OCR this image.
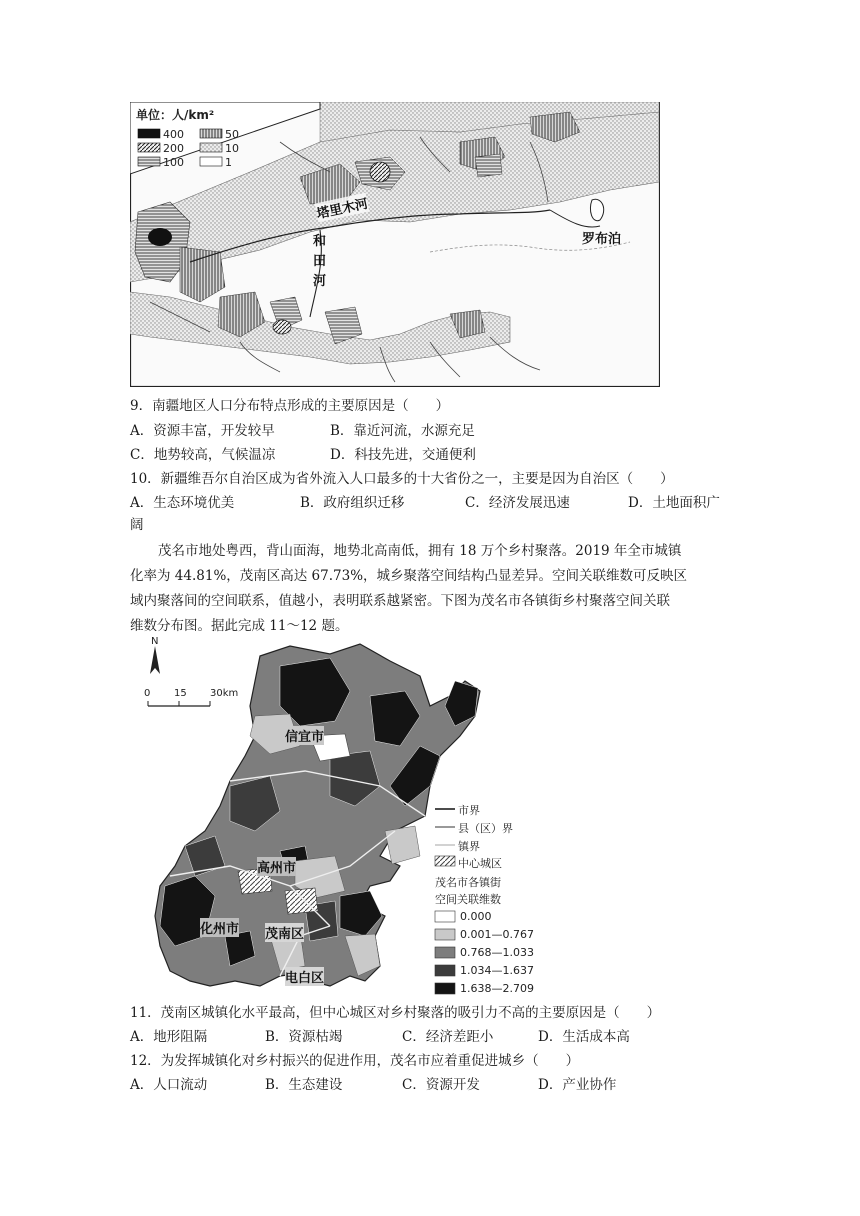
单位：人/km²
400
200
100
50
10
1
塔里木河
和
田
河
罗布泊
9．南疆地区人口分布特点形成的主要原因是（　　）
A．资源丰富，开发较早	B．靠近河流，水源充足
C．地势较高，气候温凉	D．科技先进，交通便利
10．新疆维吾尔自治区成为省外流入人口最多的十大省份之一，主要是因为自治区（　　）
A．生态环境优美	B．政府组织迁移	C．经济发展迅速	D．土地面积广
阔
茂名市地处粤西，背山面海，地势北高南低，拥有 18 万个乡村聚落。2019 年全市城镇
化率为 44.81%，茂南区高达 67.73%，城乡聚落空间结构凸显差异。空间关联维数可反映区
域内聚落间的空间联系，值越小，表明联系越紧密。下图为茂名市各镇街乡村聚落空间关联
维数分布图。据此完成 11～12 题。
N
0 15 30km
信宜市
高州市
化州市 茂南区
电白区
市界
县（区）界
镇界
中心城区
茂名市各镇街
空间关联维数
0.000
0.001—0.767
0.768—1.033
1.034—1.637
1.638—2.709
11．茂南区城镇化水平最高，但中心城区对乡村聚落的吸引力不高的主要原因是（　　）
A．地形阻隔	B．资源枯竭	C．经济差距小	D．生活成本高
12．为发挥城镇化对乡村振兴的促进作用，茂名市应着重促进城乡（　　）
A．人口流动	B．生态建设	C．资源开发	D．产业协作
